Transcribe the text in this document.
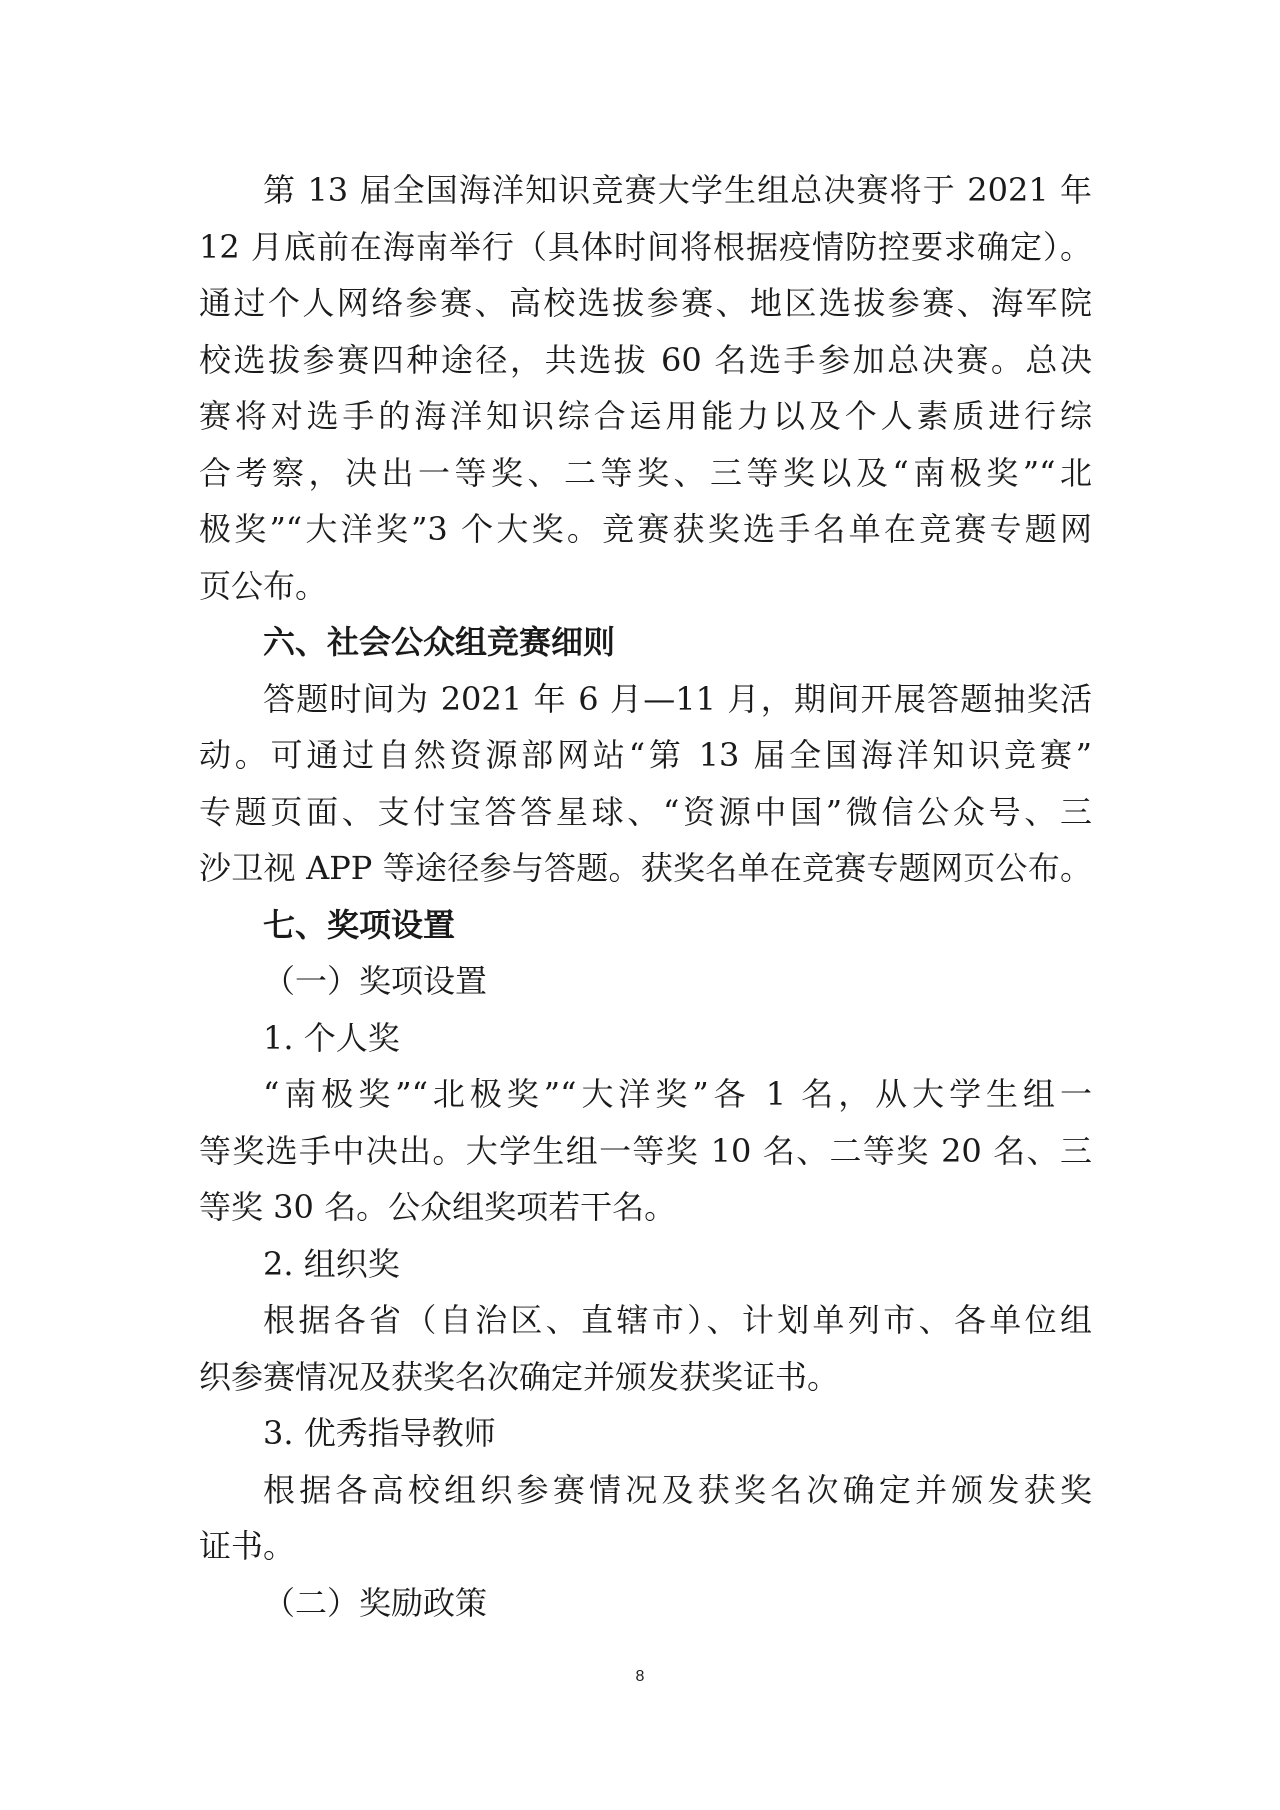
第 13 届全国海洋知识竞赛大学生组总决赛将于 2021 年
12 月底前在海南举行（具体时间将根据疫情防控要求确定）。
通过个人网络参赛、高校选拔参赛、地区选拔参赛、海军院
校选拔参赛四种途径，共选拔 60 名选手参加总决赛。总决
赛将对选手的海洋知识综合运用能力以及个人素质进行综
合考察，决出一等奖、二等奖、三等奖以及“南极奖”“北
极奖”“大洋奖”3 个大奖。竞赛获奖选手名单在竞赛专题网
页公布。
六、社会公众组竞赛细则
答题时间为 2021 年 6 月—11 月，期间开展答题抽奖活
动。可通过自然资源部网站“第 13 届全国海洋知识竞赛”
专题页面、支付宝答答星球、“资源中国”微信公众号、三
沙卫视 APP 等途径参与答题。获奖名单在竞赛专题网页公布。
七、奖项设置
（一）奖项设置
1. 个人奖
“南极奖”“北极奖”“大洋奖”各 1 名，从大学生组一
等奖选手中决出。大学生组一等奖 10 名、二等奖 20 名、三
等奖 30 名。公众组奖项若干名。
2. 组织奖
根据各省（自治区、直辖市）、计划单列市、各单位组
织参赛情况及获奖名次确定并颁发获奖证书。
3. 优秀指导教师
根据各高校组织参赛情况及获奖名次确定并颁发获奖
证书。
（二）奖励政策
8
